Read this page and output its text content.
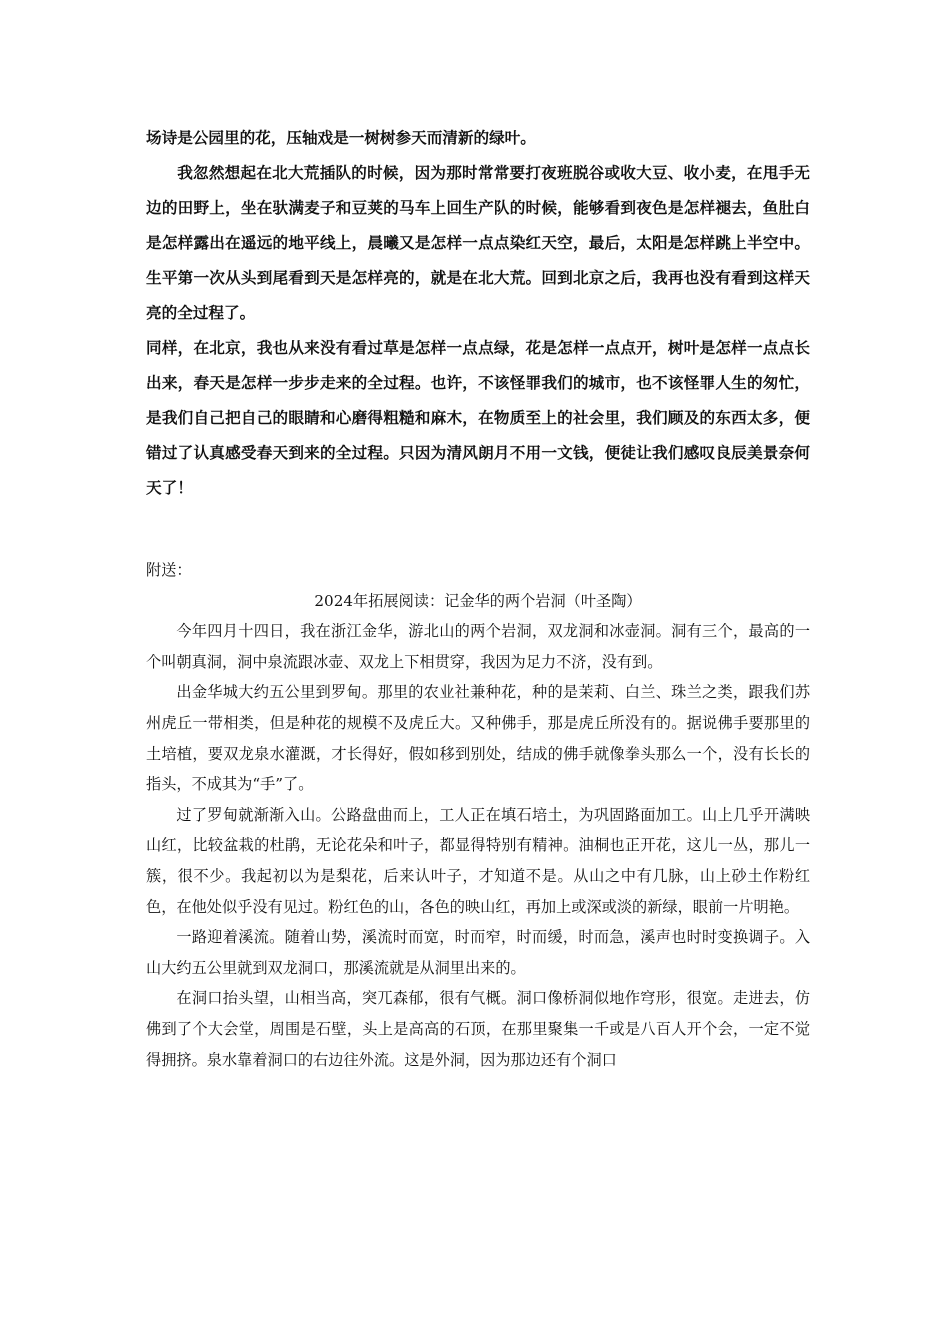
场诗是公园里的花，压轴戏是一树树参天而清新的绿叶。

我忽然想起在北大荒插队的时候，因为那时常常要打夜班脱谷或收大豆、收小麦，在甩手无边的田野上，坐在驮满麦子和豆荚的马车上回生产队的时候，能够看到夜色是怎样褪去，鱼肚白是怎样露出在遥远的地平线上，晨曦又是怎样一点点染红天空，最后，太阳是怎样跳上半空中。生平第一次从头到尾看到天是怎样亮的，就是在北大荒。回到北京之后，我再也没有看到这样天亮的全过程了。

同样，在北京，我也从来没有看过草是怎样一点点绿，花是怎样一点点开，树叶是怎样一点点长出来，春天是怎样一步步走来的全过程。也许，不该怪罪我们的城市，也不该怪罪人生的匆忙，是我们自己把自己的眼睛和心磨得粗糙和麻木，在物质至上的社会里，我们顾及的东西太多，便错过了认真感受春天到来的全过程。只因为清风朗月不用一文钱，便徒让我们感叹良辰美景奈何天了！

附送：
2024年拓展阅读：记金华的两个岩洞（叶圣陶）

今年四月十四日，我在浙江金华，游北山的两个岩洞，双龙洞和冰壶洞。洞有三个，最高的一个叫朝真洞，洞中泉流跟冰壶、双龙上下相贯穿，我因为足力不济，没有到。

出金华城大约五公里到罗甸。那里的农业社兼种花，种的是茉莉、白兰、珠兰之类，跟我们苏州虎丘一带相类，但是种花的规模不及虎丘大。又种佛手，那是虎丘所没有的。据说佛手要那里的土培植，要双龙泉水灌溉，才长得好，假如移到别处，结成的佛手就像拳头那么一个，没有长长的指头，不成其为“手”了。

过了罗甸就渐渐入山。公路盘曲而上，工人正在填石培土，为巩固路面加工。山上几乎开满映山红，比较盆栽的杜鹃，无论花朵和叶子，都显得特别有精神。油桐也正开花，这儿一丛，那儿一簇，很不少。我起初以为是梨花，后来认叶子，才知道不是。从山之中有几脉，山上砂土作粉红色，在他处似乎没有见过。粉红色的山，各色的映山红，再加上或深或淡的新绿，眼前一片明艳。

一路迎着溪流。随着山势，溪流时而宽，时而窄，时而缓，时而急，溪声也时时变换调子。入山大约五公里就到双龙洞口，那溪流就是从洞里出来的。

在洞口抬头望，山相当高，突兀森郁，很有气概。洞口像桥洞似地作穹形，很宽。走进去，仿佛到了个大会堂，周围是石壁，头上是高高的石顶，在那里聚集一千或是八百人开个会，一定不觉得拥挤。泉水靠着洞口的右边往外流。这是外洞，因为那边还有个洞口
